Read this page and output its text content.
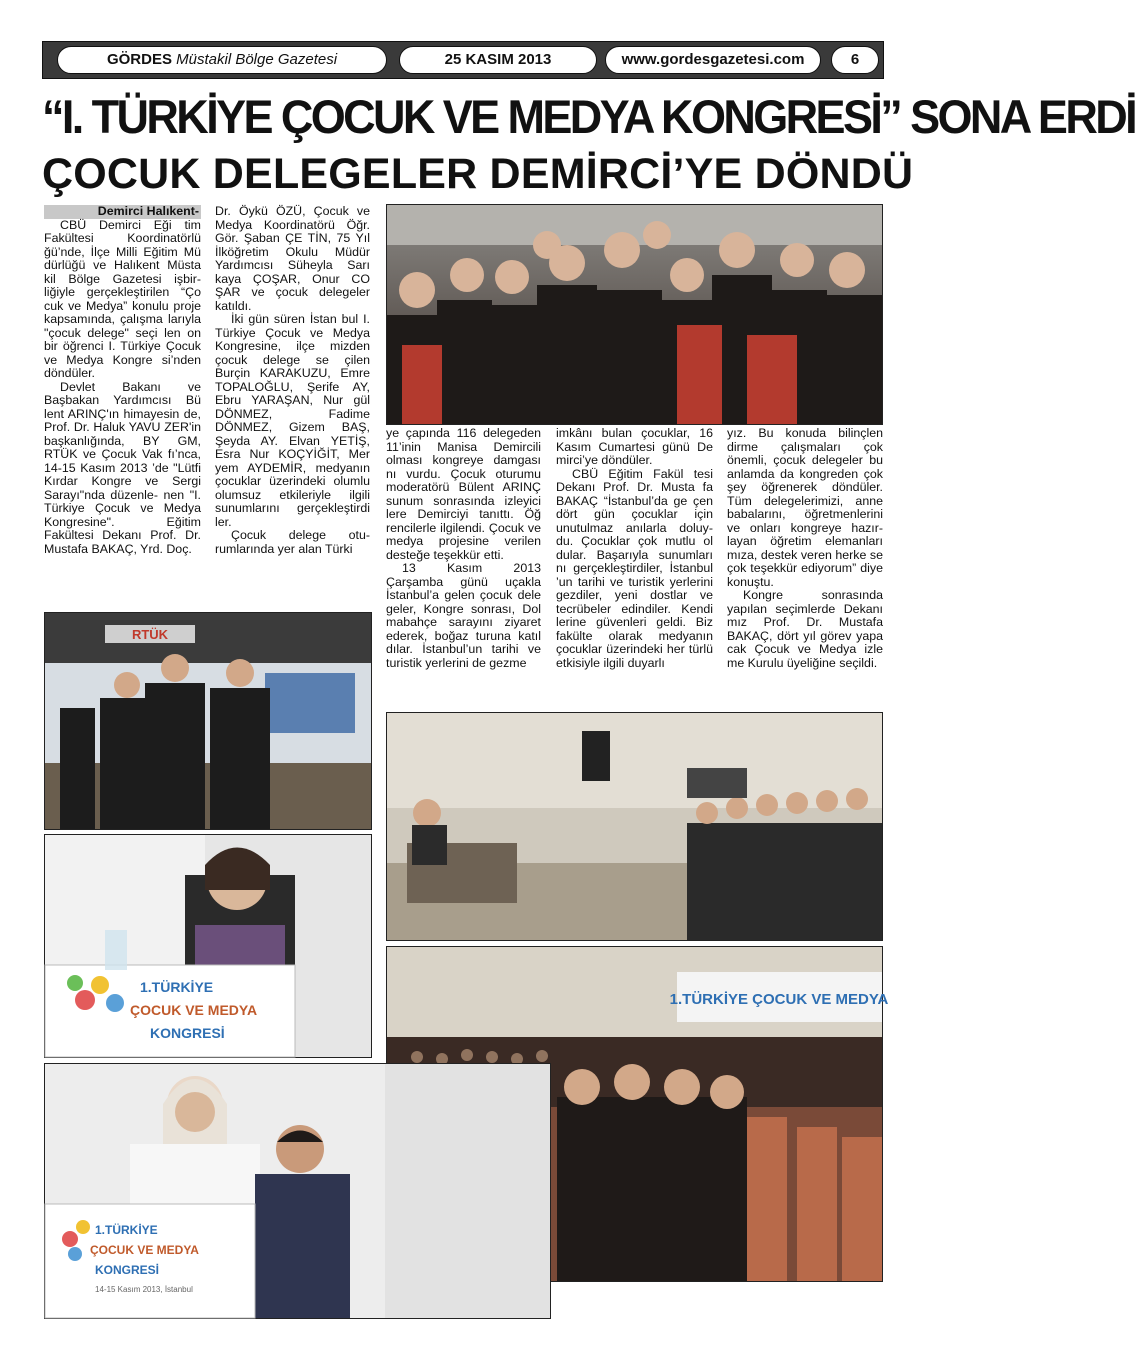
GÖRDES Müstakil Bölge Gazetesi	25 KASIM 2013	www.gordesgazetesi.com	6
“I. TÜRKİYE ÇOCUK VE MEDYA KONGRESİ” SONA ERDİ
ÇOCUK DELEGELER DEMİRCİ’YE DÖNDÜ
Demirci Halıkent-

CBÜ Demirci Eği tim Fakültesi Koordinatörlü ğü’nde, İlçe Milli Eğitim Mü dürlüğü ve Halıkent Müsta kil Bölge Gazetesi işbir- liğiyle gerçekleştirilen “Ço cuk ve Medya” konulu proje kapsamında, çalışma larıyla "çocuk delege" seçi len on bir öğrenci I. Türkiye Çocuk ve Medya Kongre si’nden döndüler.

Devlet Bakanı ve Başbakan Yardımcısı Bü lent ARINÇ'ın himayesin de, Prof. Dr. Haluk YAVU ZER'in başkanlığında, BY GM, RTÜK ve Çocuk Vak fı’nca, 14-15 Kasım 2013 ’de "Lütfi Kırdar Kongre ve Sergi Sarayı"nda düzenle- nen "I. Türkiye Çocuk ve Medya Kongresine". Eğitim Fakültesi Dekanı Prof. Dr. Mustafa BAKAÇ, Yrd. Doç.

Dr. Öykü ÖZÜ, Çocuk ve Medya Koordinatörü Öğr. Gör. Şaban ÇE TİN, 75 Yıl İlköğretim Okulu Müdür Yardımcısı Süheyla Sarı kaya ÇOŞAR, Onur CO ŞAR ve çocuk delegeler katıldı.

İki gün süren İstan bul I. Türkiye Çocuk ve Medya Kongresine, ilçe mizden çocuk delege se çilen Burçin KARAKUZU, Emre TOPALOĞLU, Şerife AY, Ebru YARAŞAN, Nur gül DÖNMEZ, Fadime DÖNMEZ, Gizem BAŞ, Şeyda AY. Elvan YETİŞ, Esra Nur KOÇYİĞİT, Mer yem AYDEMİR, medyanın çocuklar üzerindeki olumlu olumsuz etkileriyle ilgili sunumlarını gerçekleştirdi ler.

Çocuk delege otu- rumlarında yer alan Türki

ye çapında 116 delegeden 11’inin Manisa Demircili olması kongreye damgası nı vurdu. Çocuk oturumu moderatörü Bülent ARINÇ sunum sonrasında izleyici lere Demirciyi tanıttı. Öğ rencilerle ilgilendi. Çocuk ve medya projesine verilen desteğe teşekkür etti.

13 Kasım 2013 Çarşamba günü uçakla İstanbul’a gelen çocuk dele geler, Kongre sonrası, Dol mabahçe sarayını ziyaret ederek, boğaz turuna katıl dılar. İstanbul’un tarihi ve turistik yerlerini de gezme

imkânı bulan çocuklar, 16 Kasım Cumartesi günü De mirci’ye döndüler.

CBÜ Eğitim Fakül tesi Dekanı Prof. Dr. Musta fa BAKAÇ “İstanbul’da ge çen dört gün çocuklar için unutulmaz anılarla doluy- du. Çocuklar çok mutlu ol dular. Başarıyla sunumları nı gerçekleştirdiler, İstanbul ’un tarihi ve turistik yerlerini gezdiler, yeni dostlar ve tecrübeler edindiler. Kendi lerine güvenleri geldi. Biz fakülte olarak medyanın çocuklar üzerindeki her türlü etkisiyle ilgili duyarlı

yız. Bu konuda bilinçlen dirme çalışmaları çok önemli, çocuk delegeler bu anlamda da kongreden çok şey öğrenerek döndüler. Tüm delegelerimizi, anne babalarını, öğretmenlerini ve onları kongreye hazır- layan öğretim elemanları mıza, destek veren herke se çok teşekkür ediyorum” diye konuştu.

Kongre sonrasında yapılan seçimlerde Dekanı mız Prof. Dr. Mustafa BAKAÇ, dört yıl görev yapa cak Çocuk ve Medya izle me Kurulu üyeliğine seçildi.

RTÜK
1.TÜRKİYE
ÇOCUK VE MEDYA
KONGRESİ
1.TÜRKİYE ÇOCUK VE MEDYA
1.TÜRKİYE
ÇOCUK VE MEDYA
KONGRESİ
14-15 Kasım 2013, İstanbul
